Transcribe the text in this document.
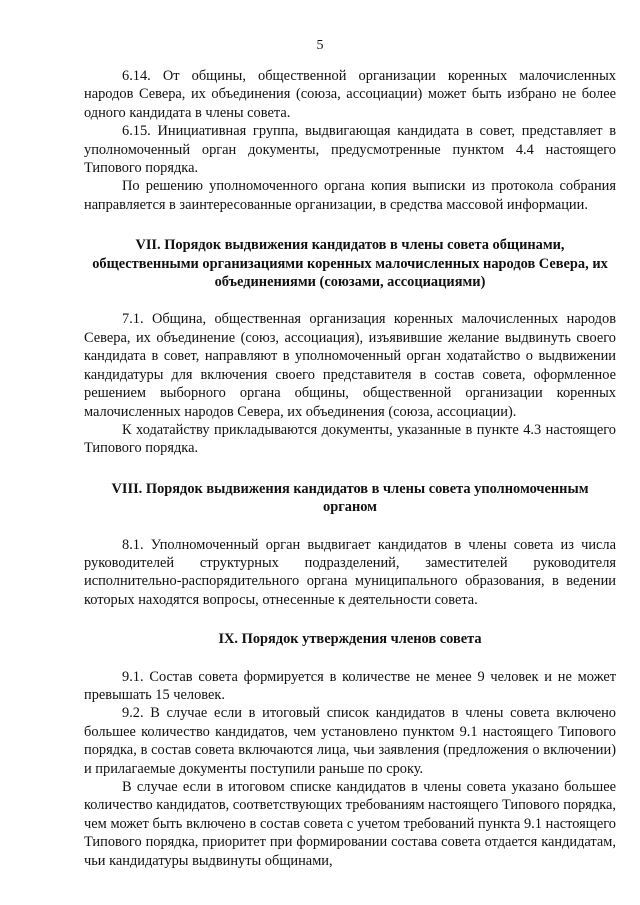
5

6.14. От общины, общественной организации коренных малочисленных народов Севера, их объединения (союза, ассоциации) может быть избрано не более одного кандидата в члены совета.

6.15. Инициативная группа, выдвигающая кандидата в совет, представляет в уполномоченный орган документы, предусмотренные пунктом 4.4 настоящего Типового порядка.

По решению уполномоченного органа копия выписки из протокола собрания направляется в заинтересованные организации, в средства массовой информации.

VII. Порядок выдвижения кандидатов в члены совета общинами, общественными организациями коренных малочисленных народов Севера, их объединениями (союзами, ассоциациями)

7.1. Община, общественная организация коренных малочисленных народов Севера, их объединение (союз, ассоциация), изъявившие желание выдвинуть своего кандидата в совет, направляют в уполномоченный орган ходатайство о выдвижении кандидатуры для включения своего представителя в состав совета, оформленное решением выборного органа общины, общественной организации коренных малочисленных народов Севера, их объединения (союза, ассоциации).

К ходатайству прикладываются документы, указанные в пункте 4.3 настоящего Типового порядка.

VIII. Порядок выдвижения кандидатов в члены совета уполномоченным органом

8.1. Уполномоченный орган выдвигает кандидатов в члены совета из числа руководителей структурных подразделений, заместителей руководителя исполнительно-распорядительного органа муниципального образования, в ведении которых находятся вопросы, отнесенные к деятельности совета.

IX. Порядок утверждения членов совета

9.1. Состав совета формируется в количестве не менее 9 человек и не может превышать 15 человек.

9.2. В случае если в итоговый список кандидатов в члены совета включено большее количество кандидатов, чем установлено пунктом 9.1 настоящего Типового порядка, в состав совета включаются лица, чьи заявления (предложения о включении) и прилагаемые документы поступили раньше по сроку.

В случае если в итоговом списке кандидатов в члены совета указано большее количество кандидатов, соответствующих требованиям настоящего Типового порядка, чем может быть включено в состав совета с учетом требований пункта 9.1 настоящего Типового порядка, приоритет при формировании состава совета отдается кандидатам, чьи кандидатуры выдвинуты общинами,
